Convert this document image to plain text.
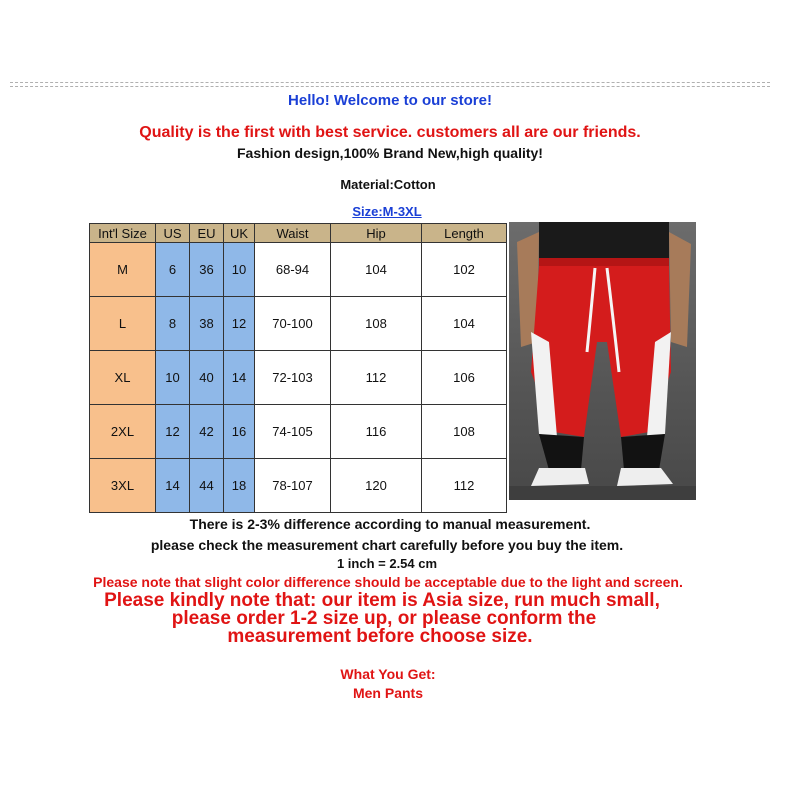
Hello! Welcome to our store!
Quality is the first with best service. customers all are our friends.
Fashion design,100% Brand New,high quality!
Material:Cotton
Size:M-3XL
Int'l Size	US	EU	UK	Waist	Hip	Length
M	6	36	10	68-94	104	102
L	8	38	12	70-100	108	104
XL	10	40	14	72-103	112	106
2XL	12	42	16	74-105	116	108
3XL	14	44	18	78-107	120	112
There is 2-3% difference according to manual measurement.
please check the measurement chart carefully before you buy the item.
1 inch = 2.54 cm
Please note that slight color difference should be acceptable due to the light and screen.
Please kindly note that: our item is Asia size, run much small,
please order 1-2 size up, or please conform the
measurement before choose size.
What You Get:
Men Pants
